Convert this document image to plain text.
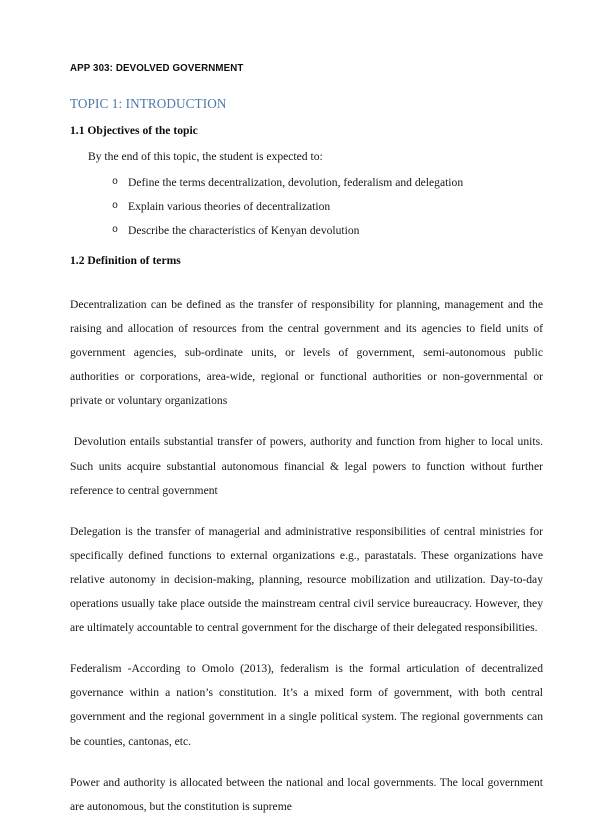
APP 303: DEVOLVED GOVERNMENT
TOPIC 1: INTRODUCTION
1.1 Objectives of the topic
By the end of this topic, the student is expected to:
o Define the terms decentralization, devolution, federalism and delegation
o Explain various theories of decentralization
o Describe the characteristics of Kenyan devolution
1.2 Definition of terms

Decentralization can be defined as the transfer of responsibility for planning, management and the raising and allocation of resources from the central government and its agencies to field units of government agencies, sub-ordinate units, or levels of government, semi-autonomous public authorities or corporations, area-wide, regional or functional authorities or non-governmental or private or voluntary organizations

Devolution entails substantial transfer of powers, authority and function from higher to local units. Such units acquire substantial autonomous financial & legal powers to function without further reference to central government

Delegation is the transfer of managerial and administrative responsibilities of central ministries for specifically defined functions to external organizations e.g., parastatals. These organizations have relative autonomy in decision-making, planning, resource mobilization and utilization. Day-to-day operations usually take place outside the mainstream central civil service bureaucracy. However, they are ultimately accountable to central government for the discharge of their delegated responsibilities.

Federalism -According to Omolo (2013), federalism is the formal articulation of decentralized governance within a nation’s constitution. It’s a mixed form of government, with both central government and the regional government in a single political system. The regional governments can be counties, cantonas, etc.

Power and authority is allocated between the national and local governments. The local government are autonomous, but the constitution is supreme
